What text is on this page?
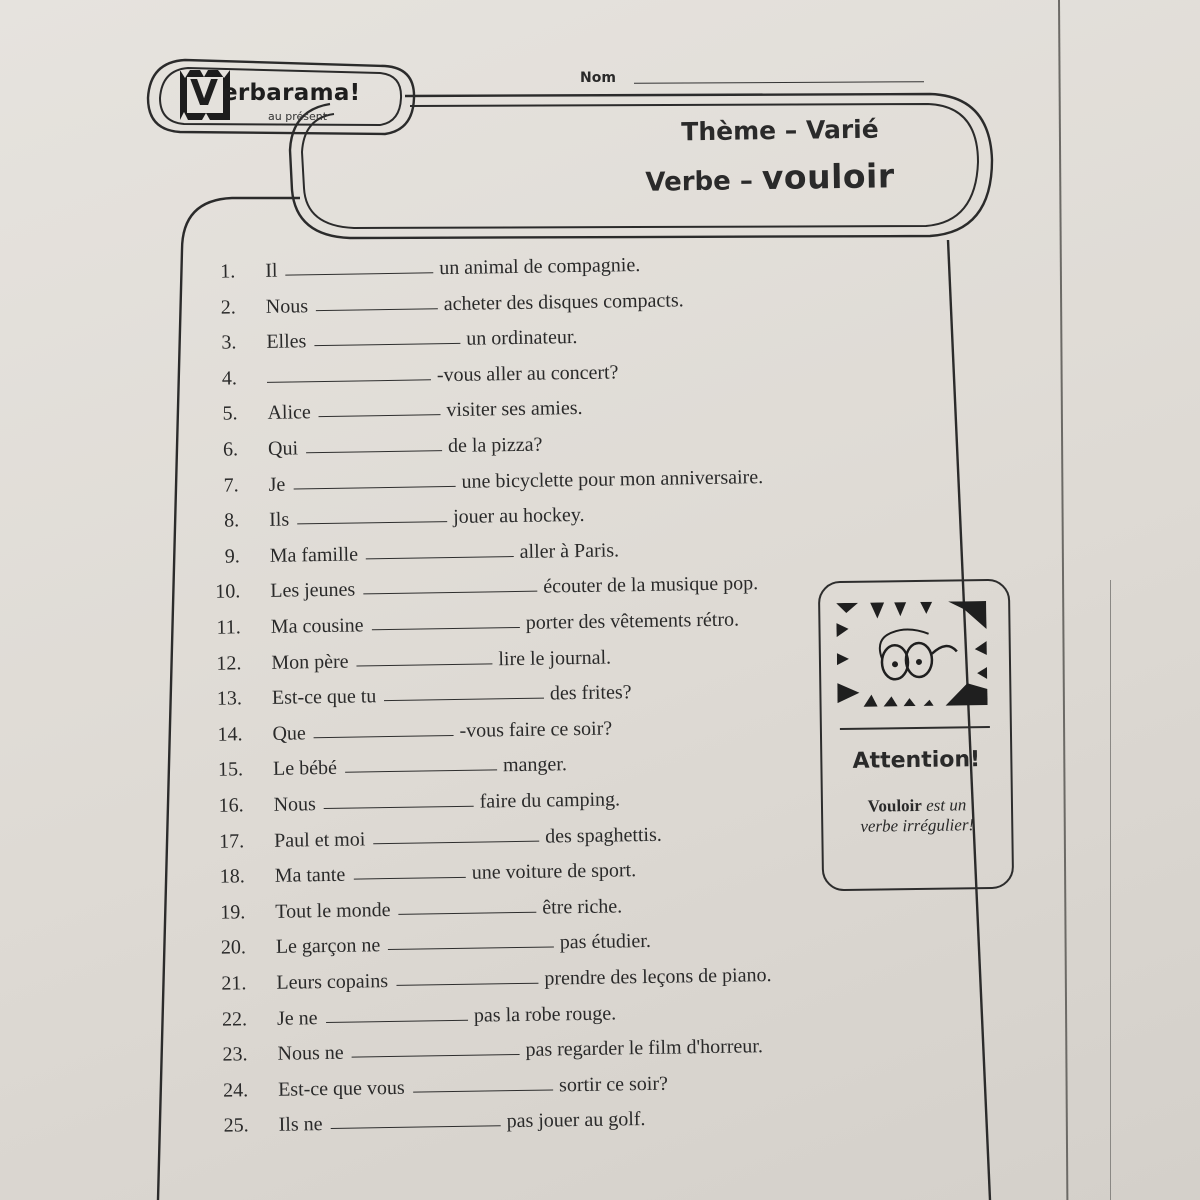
V erbarama!
au présent
Nom
Thème – Varié
Verbe – vouloir
1. Il	un animal de compagnie.
2. Nous	acheter des disques compacts.
3. Elles	un ordinateur.
4.	-vous aller au concert?
5. Alice	visiter ses amies.
6. Qui	de la pizza?
7. Je	une bicyclette pour mon anniversaire.
8. Ils	jouer au hockey.
9. Ma famille	aller à Paris.
10. Les jeunes	écouter de la musique pop.
11. Ma cousine	porter des vêtements rétro.
12. Mon père	lire le journal.
13. Est-ce que tu	des frites?
14. Que	-vous faire ce soir?
15. Le bébé	manger.
16. Nous	faire du camping.
17. Paul et moi	des spaghettis.
18. Ma tante	une voiture de sport.
19. Tout le monde	être riche.
20. Le garçon ne	pas étudier.
21. Leurs copains	prendre des leçons de piano.
22. Je ne	pas la robe rouge.
23. Nous ne	pas regarder le film d'horreur.
24. Est-ce que vous	sortir ce soir?
25. Ils ne	pas jouer au golf.
Attention!
Vouloir est un
verbe irrégulier!
